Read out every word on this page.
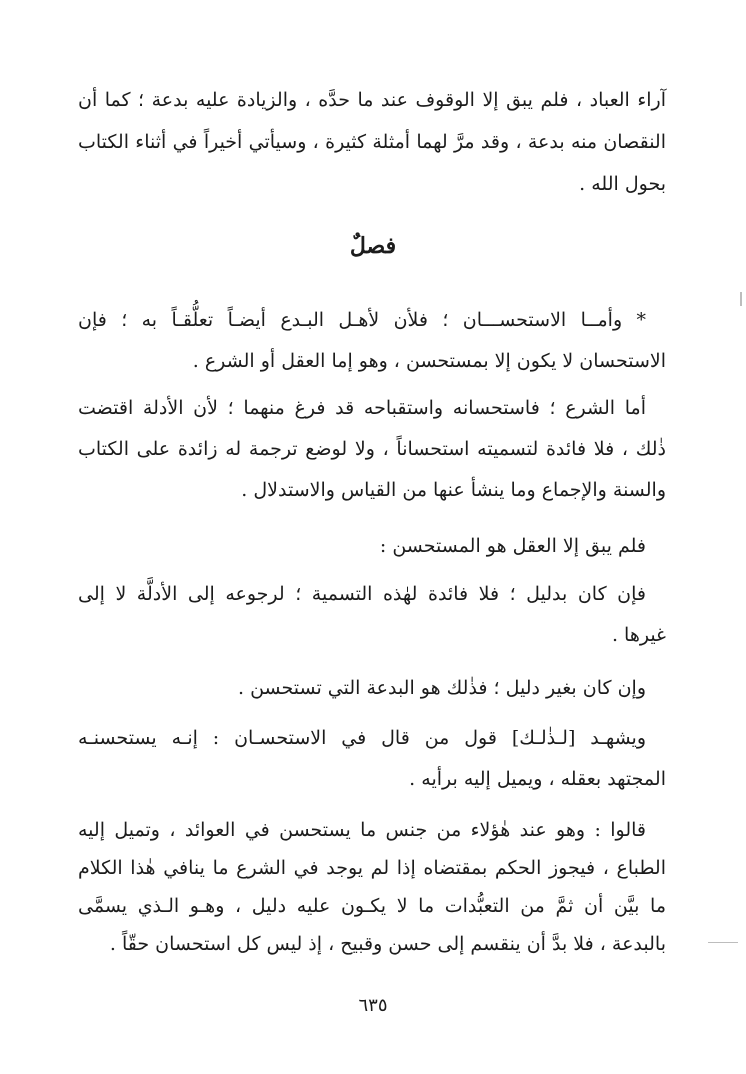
آراء العباد ، فلم يبق إلا الوقوف عند ما حدَّه ، والزيادة عليه بدعة ؛ كما أن
النقصان منه بدعة ، وقد مرَّ لهما أمثلة كثيرة ، وسيأتي أخيراً في أثناء الكتاب
بحول الله .
فصلٌ
* وأمــا الاستحســـان ؛ فلأن لأهـل البـدع أيضـاً تعلُّقـاً به ؛ فإن
الاستحسان لا يكون إلا بمستحسن ، وهو إما العقل أو الشرع .
أما الشرع ؛ فاستحسانه واستقباحه قد فرغ منهما ؛ لأن الأدلة اقتضت
ذٰلك ، فلا فائدة لتسميته استحساناً ، ولا لوضع ترجمة له زائدة على الكتاب
والسنة والإجماع وما ينشأ عنها من القياس والاستدلال .
فلم يبق إلا العقل هو المستحسن :
فإن كان بدليل ؛ فلا فائدة لهٰذه التسمية ؛ لرجوعه إلى الأدلَّة لا إلى
غيرها .
وإن كان بغير دليل ؛ فذٰلك هو البدعة التي تستحسن .
ويشهـد [لـذٰلـك] قول من قال في الاستحسـان : إنـه يستحسنـه
المجتهد بعقله ، ويميل إليه برأيه .
قالوا : وهو عند هٰؤلاء من جنس ما يستحسن في العوائد ، وتميل إليه
الطباع ، فيجوز الحكم بمقتضاه إذا لم يوجد في الشرع ما ينافي هٰذا الكلام
ما بيَّن أن ثمَّ من التعبُّدات ما لا يكـون عليه دليل ، وهـو الـذي يسمَّى
بالبدعة ، فلا بدَّ أن ينقسم إلى حسن وقبيح ، إذ ليس كل استحسان حقّاً .
٦٣٥
